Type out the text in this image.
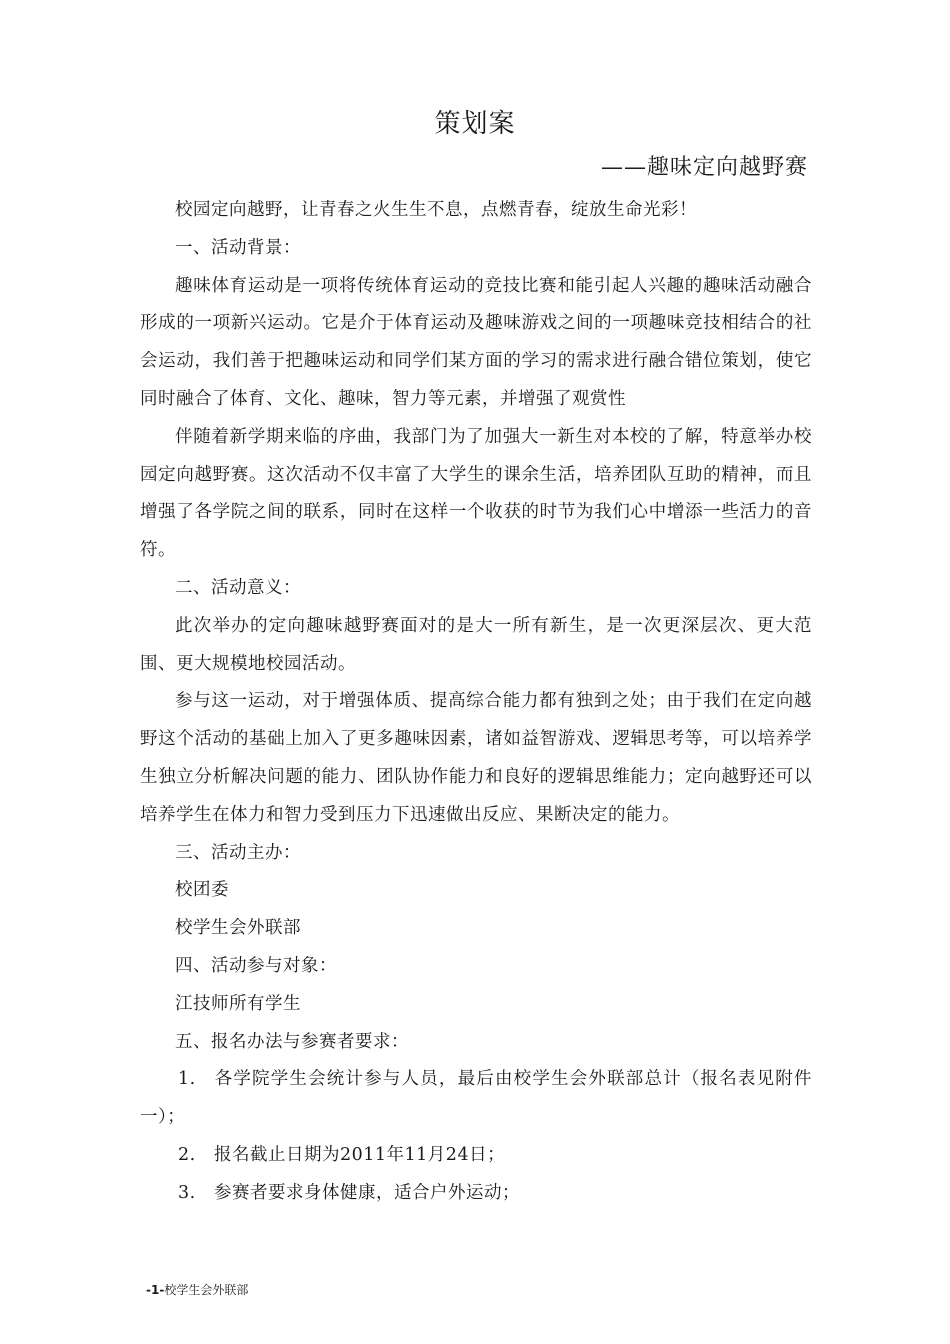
策划案
——趣味定向越野赛

校园定向越野，让青春之火生生不息，点燃青春，绽放生命光彩！

一、活动背景：

趣味体育运动是一项将传统体育运动的竞技比赛和能引起人兴趣的趣味活动融合形成的一项新兴运动。它是介于体育运动及趣味游戏之间的一项趣味竞技相结合的社会运动，我们善于把趣味运动和同学们某方面的学习的需求进行融合错位策划，使它同时融合了体育、文化、趣味，智力等元素，并增强了观赏性

伴随着新学期来临的序曲，我部门为了加强大一新生对本校的了解，特意举办校园定向越野赛。这次活动不仅丰富了大学生的课余生活，培养团队互助的精神，而且增强了各学院之间的联系，同时在这样一个收获的时节为我们心中增添一些活力的音符。

二、活动意义：

此次举办的定向趣味越野赛面对的是大一所有新生，是一次更深层次、更大范围、更大规模地校园活动。

参与这一运动，对于增强体质、提高综合能力都有独到之处；由于我们在定向越野这个活动的基础上加入了更多趣味因素，诸如益智游戏、逻辑思考等，可以培养学生独立分析解决问题的能力、团队协作能力和良好的逻辑思维能力；定向越野还可以培养学生在体力和智力受到压力下迅速做出反应、果断决定的能力。

三、活动主办：

校团委

校学生会外联部

四、活动参与对象：

江技师所有学生

五、报名办法与参赛者要求：

1. 各学院学生会统计参与人员，最后由校学生会外联部总计（报名表见附件一）；

2. 报名截止日期为2011年11月24日；

3. 参赛者要求身体健康，适合户外运动；

-1-校学生会外联部
